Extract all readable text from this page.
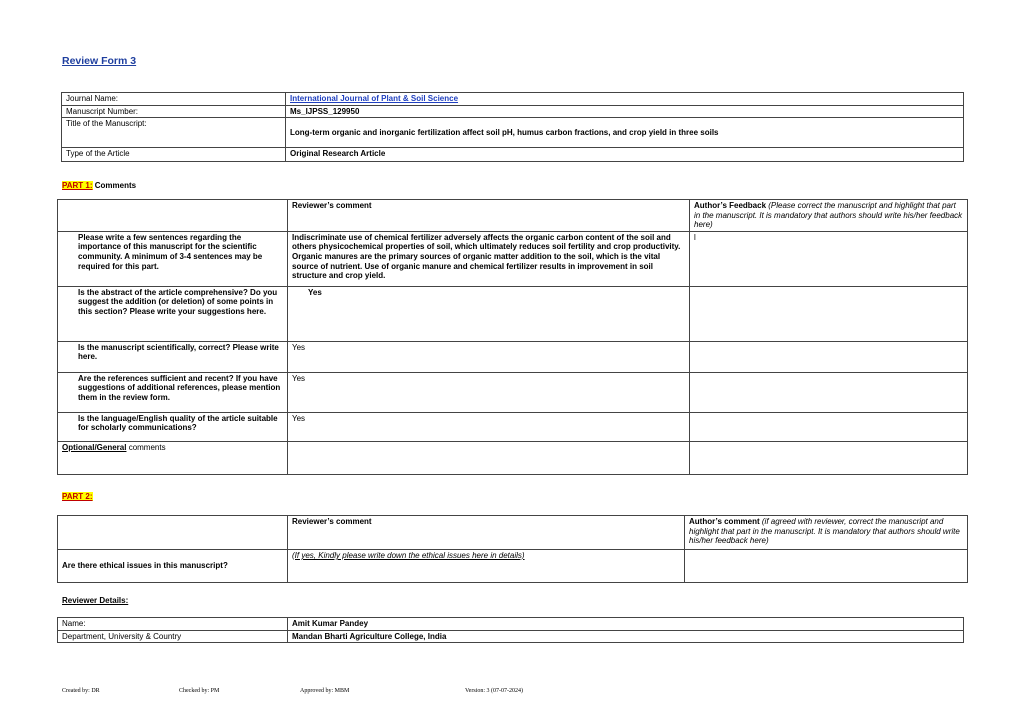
Review Form 3
Journal Name:	International Journal of Plant & Soil Science
Manuscript Number:	Ms_IJPSS_129950
Title of the Manuscript:	Long-term organic and inorganic fertilization affect soil pH, humus carbon fractions, and crop yield in three soils
Type of the Article	Original Research Article
PART 1: Comments
	Reviewer’s comment	Author’s Feedback (Please correct the manuscript and highlight that part in the manuscript. It is mandatory that authors should write his/her feedback here)
Please write a few sentences regarding the importance of this manuscript for the scientific community. A minimum of 3-4 sentences may be required for this part.	Indiscriminate use of chemical fertilizer adversely affects the organic carbon content of the soil and others physicochemical properties of soil, which ultimately reduces soil fertility and crop productivity. Organic manures are the primary sources of organic matter addition to the soil, which is the vital source of nutrient. Use of organic manure and chemical fertilizer results in improvement in soil structure and crop yield.	l
Is the abstract of the article comprehensive? Do you suggest the addition (or deletion) of some points in this section? Please write your suggestions here.	Yes	
Is the manuscript scientifically, correct? Please write here.	Yes	
Are the references sufficient and recent? If you have suggestions of additional references, please mention them in the review form.	Yes	
Is the language/English quality of the article suitable for scholarly communications?	Yes	
Optional/General comments		
PART 2:
	Reviewer’s comment	Author’s comment (if agreed with reviewer, correct the manuscript and highlight that part in the manuscript. It is mandatory that authors should write his/her feedback here)
Are there ethical issues in this manuscript?	(If yes, Kindly please write down the ethical issues here in details)	
Reviewer Details:
Name:	Amit Kumar Pandey
Department, University & Country	Mandan Bharti Agriculture College, India
Created by: DR	Checked by: PM	Approved by: MBM	Version: 3 (07-07-2024)
